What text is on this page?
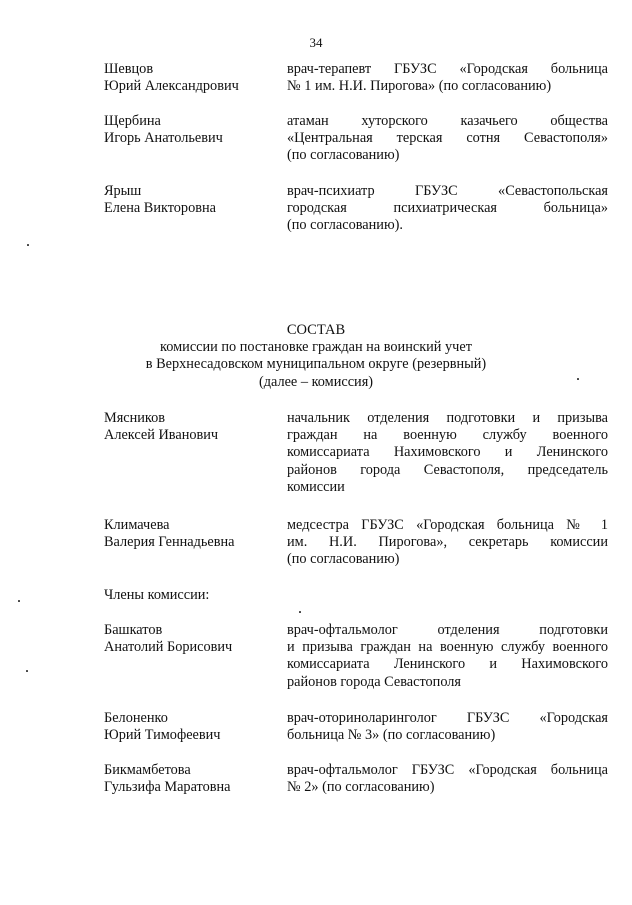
34
Шевцов
Юрий Александрович
врач-терапевт ГБУЗС «Городская больница
№ 1 им. Н.И. Пирогова» (по согласованию)
Щербина
Игорь Анатольевич
атаман хуторского казачьего общества
«Центральная терская сотня Севастополя»
(по согласованию)
Ярыш
Елена Викторовна
врач-психиатр ГБУЗС «Севастопольская
городская психиатрическая больница»
(по согласованию).
СОСТАВ
комиссии по постановке граждан на воинский учет
в Верхнесадовском муниципальном округе (резервный)
(далее – комиссия)
Мясников
Алексей Иванович
начальник отделения подготовки и призыва
граждан на военную службу военного
комиссариата Нахимовского и Ленинского
районов города Севастополя, председатель
комиссии
Климачева
Валерия Геннадьевна
медсестра ГБУЗС «Городская больница № 1
им. Н.И. Пирогова», секретарь комиссии
(по согласованию)
Члены комиссии:
Башкатов
Анатолий Борисович
врач-офтальмолог отделения подготовки
и призыва граждан на военную службу военного
комиссариата Ленинского и Нахимовского
районов города Севастополя
Белоненко
Юрий Тимофеевич
врач-оториноларинголог ГБУЗС «Городская
больница № 3» (по согласованию)
Бикмамбетова
Гульзифа Маратовна
врач-офтальмолог ГБУЗС «Городская больница
№ 2» (по согласованию)
